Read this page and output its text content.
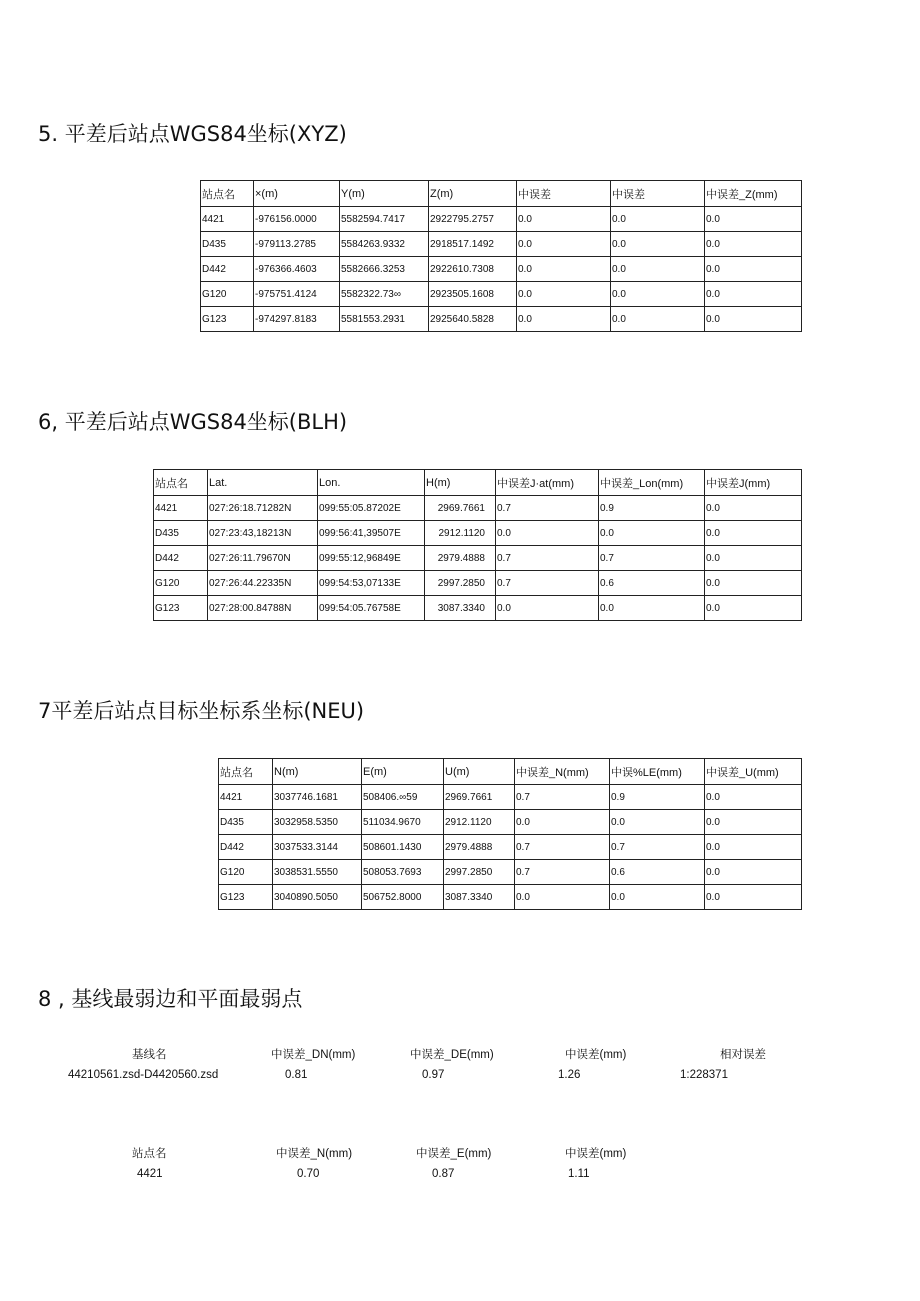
5. 平差后站点WGS84坐标(XYZ)
站点名	×(m)	Y(m)	Z(m)	中误差	中误差	中误差_Z(mm)
4421	-976156.0000	5582594.7417	2922795.2757	0.0	0.0	0.0
D435	-979113.2785	5584263.9332	2918517.1492	0.0	0.0	0.0
D442	-976366.4603	5582666.3253	2922610.7308	0.0	0.0	0.0
G120	-975751.4124	5582322.73∞	2923505.1608	0.0	0.0	0.0
G123	-974297.8183	5581553.2931	2925640.5828	0.0	0.0	0.0
6, 平差后站点WGS84坐标(BLH)
站点名	Lat.	Lon.	H(m)	中误差J·at(mm)	中误差_Lon(mm)	中误差J(mm)
4421	027:26:18.71282N	099:55:05.87202E	2969.7661	0.7	0.9	0.0
D435	027:23:43,18213N	099:56:41,39507E	2912.1120	0.0	0.0	0.0
D442	027:26:11.79670N	099:55:12,96849E	2979.4888	0.7	0.7	0.0
G120	027:26:44.22335N	099:54:53,07133E	2997.2850	0.7	0.6	0.0
G123	027:28:00.84788N	099:54:05.76758E	3087.3340	0.0	0.0	0.0
7平差后站点目标坐标系坐标(NEU)
站点名	N(m)	E(m)	U(m)	中误差_N(mm)	中误%LE(mm)	中误差_U(mm)
4421	3037746.1681	508406.∞59	2969.7661	0.7	0.9	0.0
D435	3032958.5350	511034.9670	2912.1120	0.0	0.0	0.0
D442	3037533.3144	508601.1430	2979.4888	0.7	0.7	0.0
G120	3038531.5550	508053.7693	2997.2850	0.7	0.6	0.0
G123	3040890.5050	506752.8000	3087.3340	0.0	0.0	0.0
8 , 基线最弱边和平面最弱点
基线名	中误差_DN(mm)	中误差_DE(mm)	中误差(mm)	相对误差
44210561.zsd-D4420560.zsd	0.81	0.97	1.26	1:228371
站点名	中误差_N(mm)	中误差_E(mm)	中误差(mm)
4421	0.70	0.87	1.11
